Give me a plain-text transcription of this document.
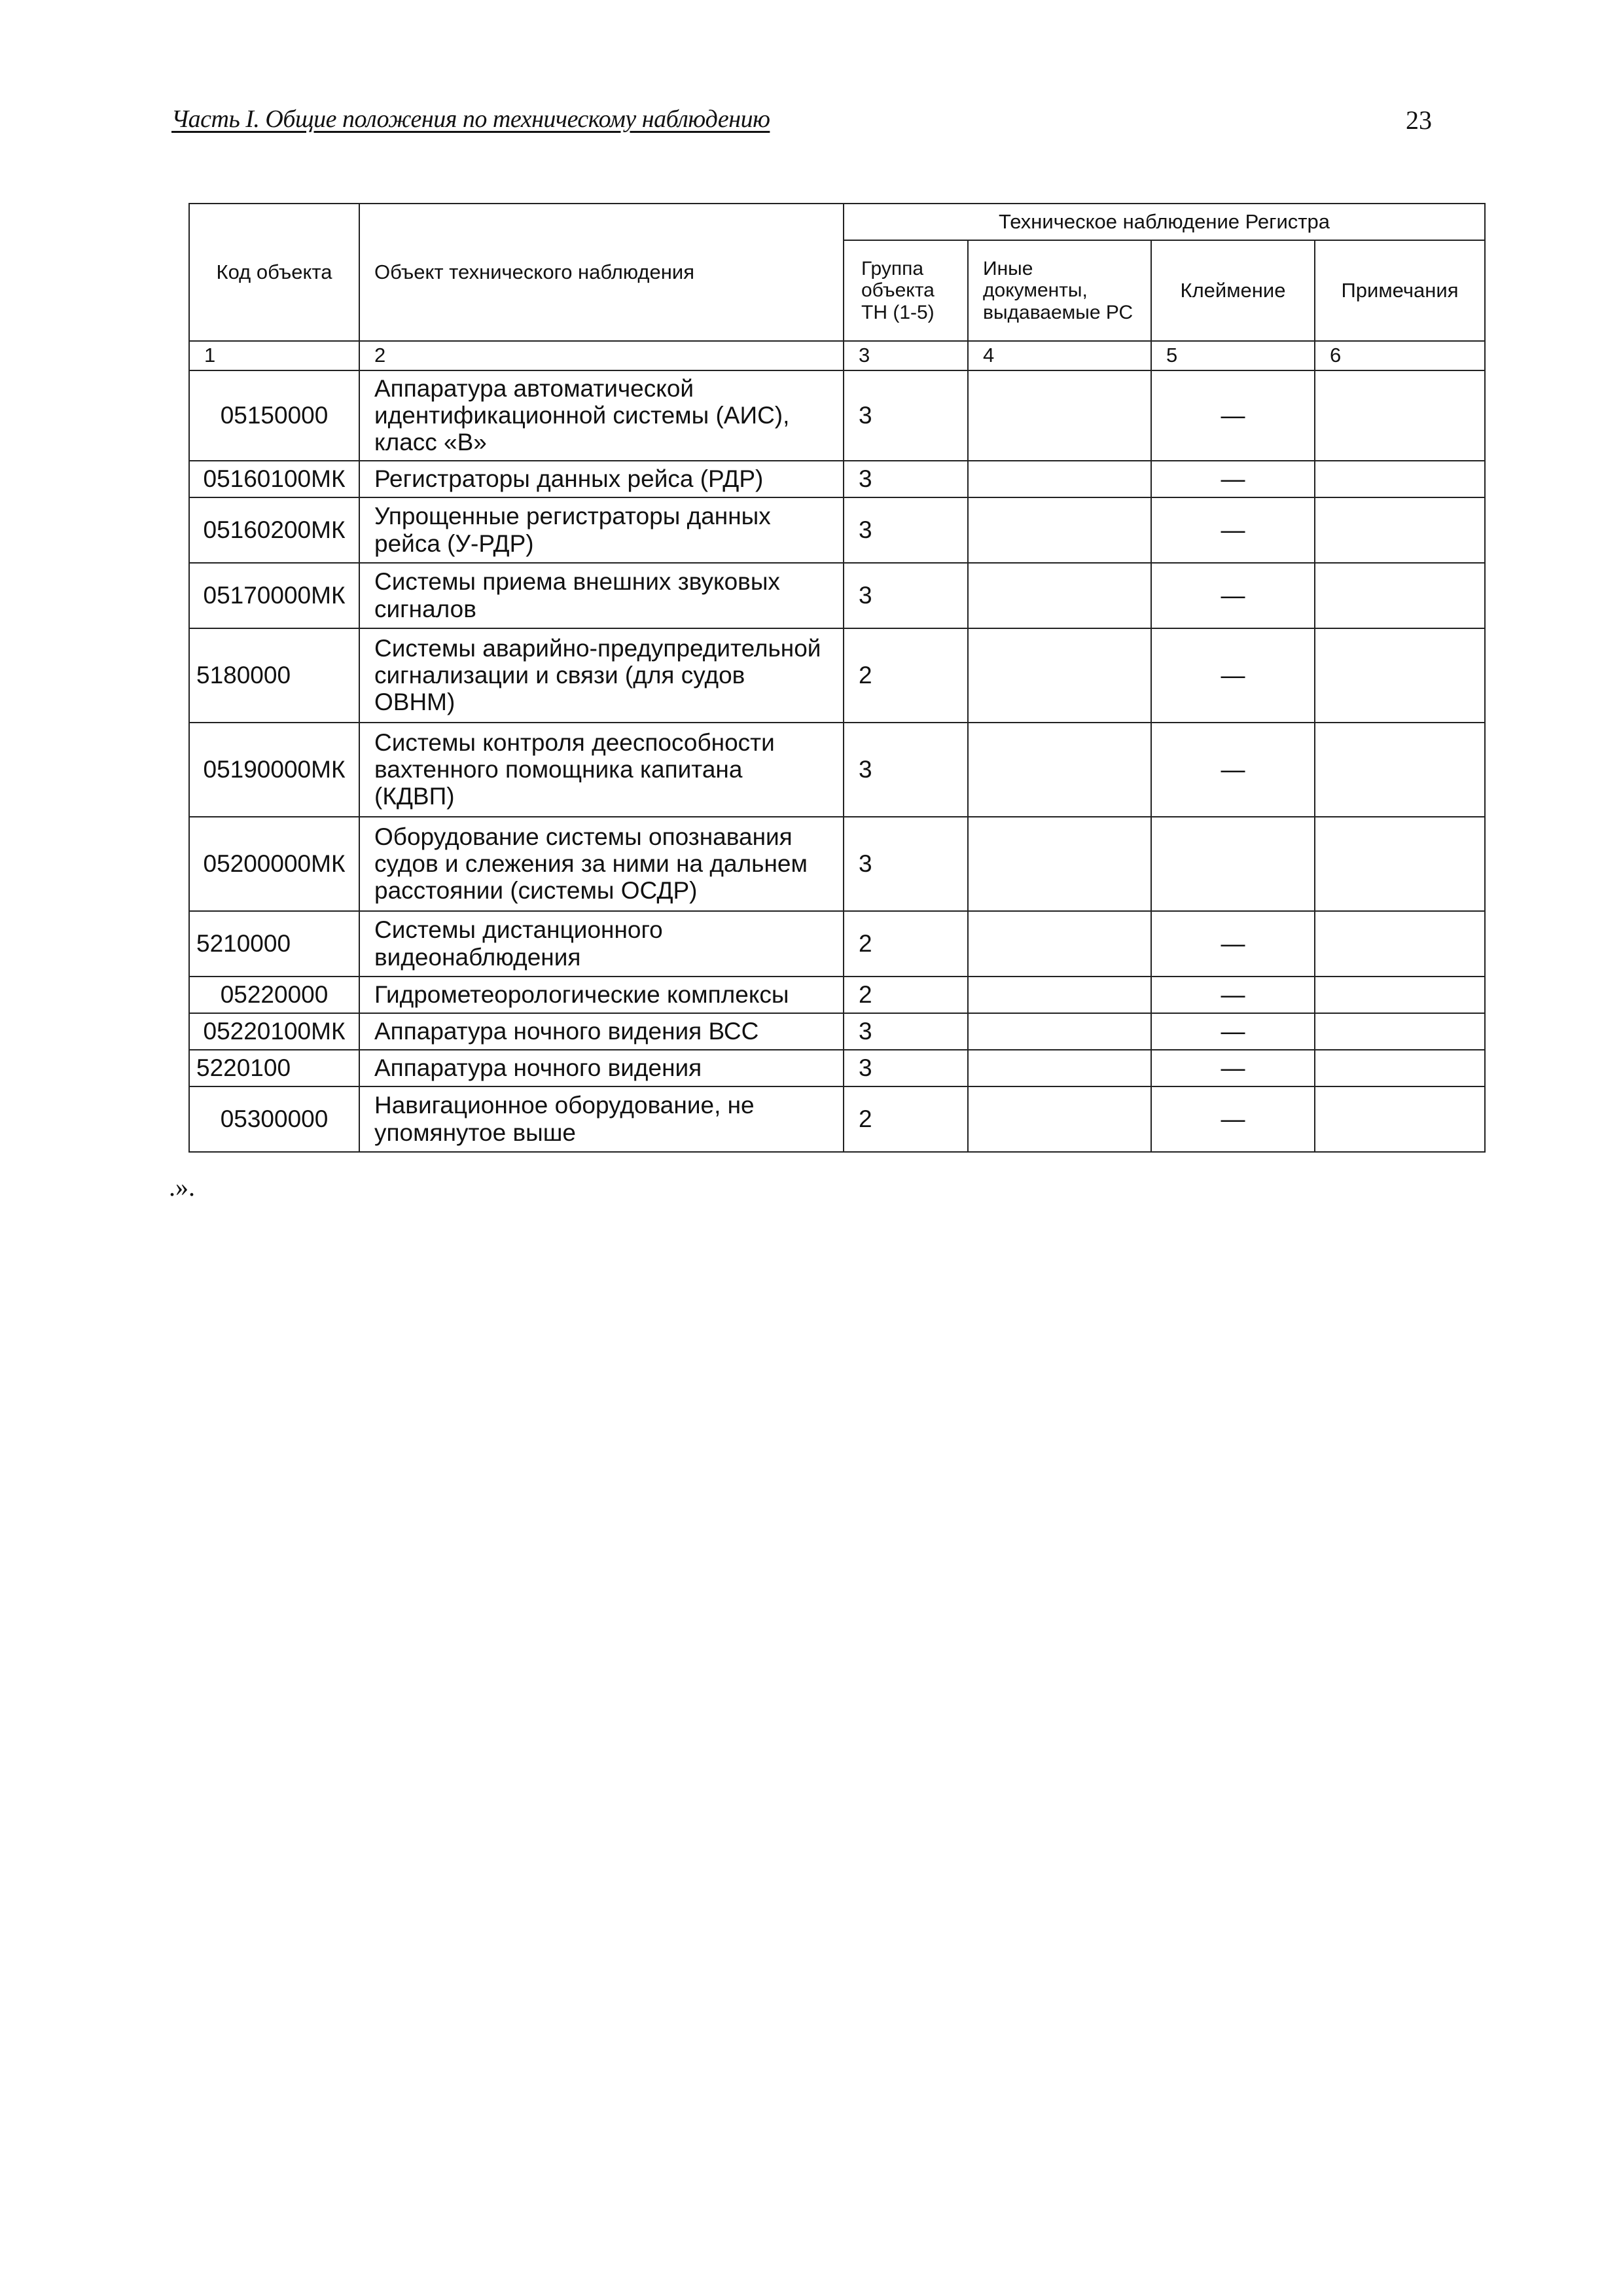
Часть I. Общие положения по техническому наблюдению	23
Код объекта	Объект технического наблюдения	Техническое наблюдение Регистра			
		Группа объекта ТН (1-5)	Иные документы, выдаваемые РС	Клеймение	Примечания
1	2	3	4	5	6
05150000	Аппаратура автоматической идентификационной системы (АИС), класс «В»	3		—	
05160100МК	Регистраторы данных рейса (РДР)	3		—	
05160200МК	Упрощенные регистраторы данных рейса (У-РДР)	3		—	
05170000МК	Системы приема внешних звуковых сигналов	3		—	
5180000	Системы аварийно-предупредительной сигнализации и связи (для судов ОВНМ)	2		—	
05190000МК	Системы контроля дееспособности вахтенного помощника капитана (КДВП)	3		—	
05200000МК	Оборудование системы опознавания судов и слежения за ними на дальнем расстоянии (системы ОСДР)	3			
5210000	Системы дистанционного видеонаблюдения	2		—	
05220000	Гидрометеорологические комплексы	2		—	
05220100МК	Аппаратура ночного видения ВСС	3		—	
5220100	Аппаратура ночного видения	3		—	
05300000	Навигационное оборудование, не упомянутое выше	2		—	
.».
